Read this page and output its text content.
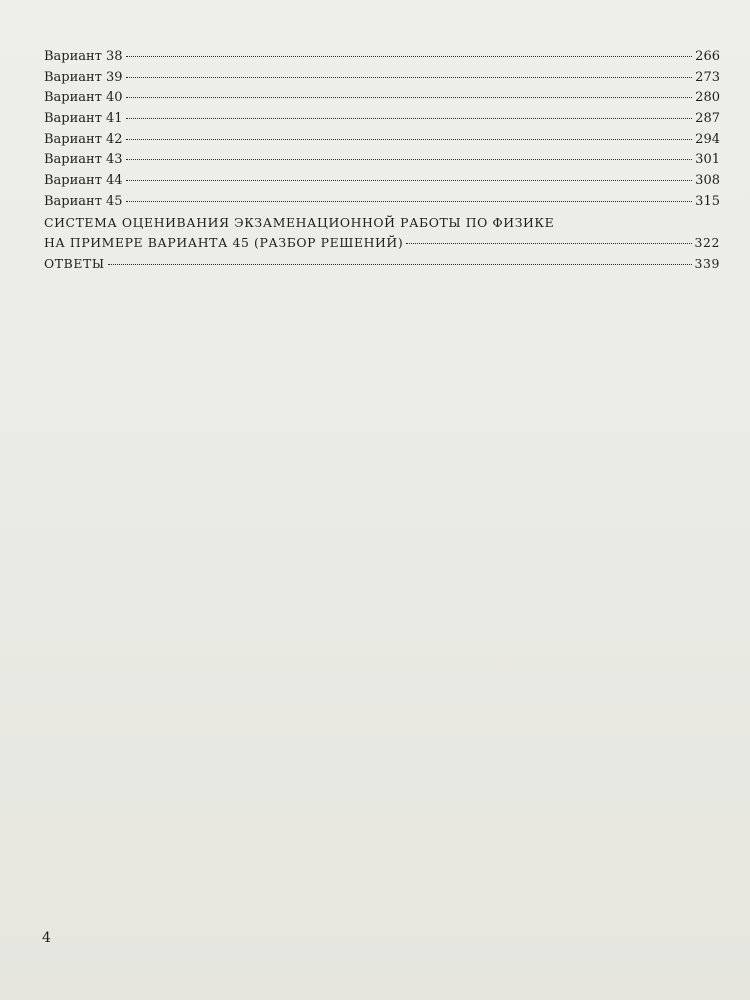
Вариант 38	266
Вариант 39	273
Вариант 40	280
Вариант 41	287
Вариант 42	294
Вариант 43	301
Вариант 44	308
Вариант 45	315
СИСТЕМА ОЦЕНИВАНИЯ ЭКЗАМЕНАЦИОННОЙ РАБОТЫ ПО ФИЗИКЕ
НА ПРИМЕРЕ ВАРИАНТА 45 (РАЗБОР РЕШЕНИЙ)	322
ОТВЕТЫ	339
4
